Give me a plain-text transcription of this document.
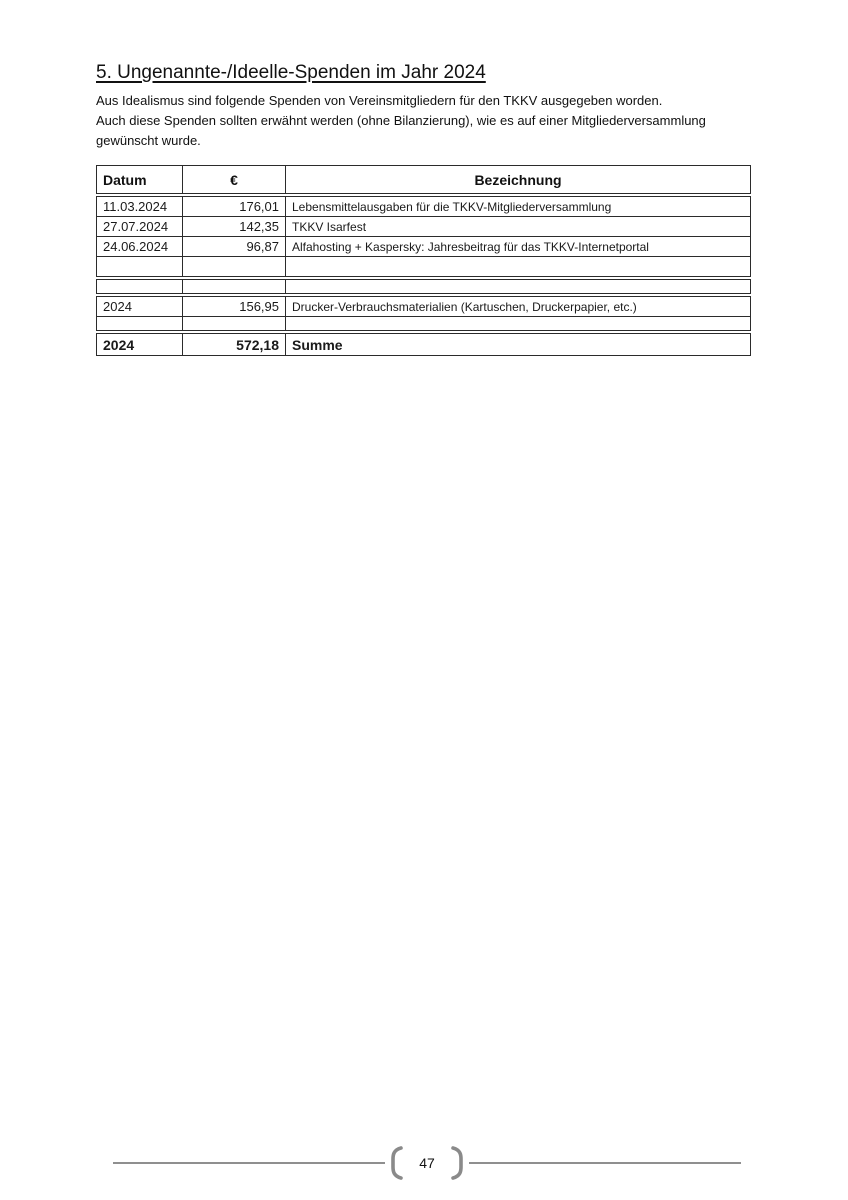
5. Ungenannte-/Ideelle-Spenden im Jahr 2024
Aus Idealismus sind folgende Spenden von Vereinsmitgliedern für den TKKV ausgegeben worden.
Auch diese Spenden sollten erwähnt werden (ohne Bilanzierung), wie es auf einer Mitgliederversammlung
gewünscht wurde.
Datum	€	Bezeichnung
11.03.2024	176,01	Lebensmittelausgaben für die TKKV-Mitgliederversammlung
27.07.2024	142,35	TKKV Isarfest
24.06.2024	96,87	Alfahosting + Kaspersky: Jahresbeitrag für das TKKV-Internetportal

2024	156,95	Drucker-Verbrauchsmaterialien (Kartuschen, Druckerpapier, etc.)

2024	572,18	Summe
47
